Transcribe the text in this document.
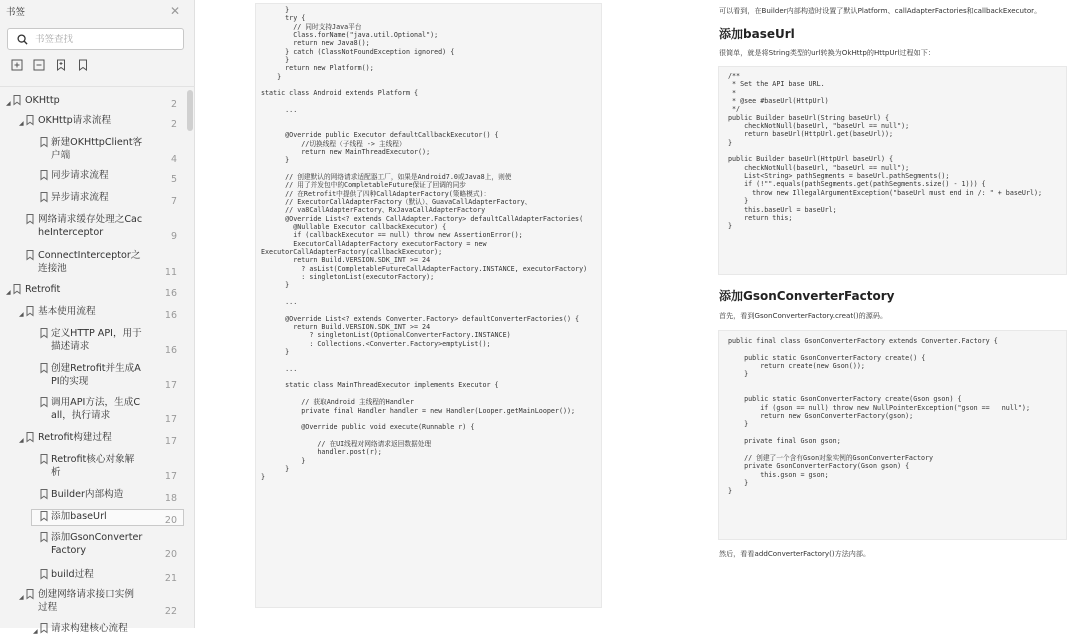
书签	✕
书签查找
◢ OKHttp	2
◢ OKHttp请求流程	2
新建OKHttpClient客
户端	4
同步请求流程	5
异步请求流程	7
网络请求缓存处理之Cac
heInterceptor	9
ConnectInterceptor之
连接池	11
◢ Retrofit	16
◢ 基本使用流程	16
定义HTTP API，用于
描述请求	16
创建Retrofit并生成A
PI的实现	17
调用API方法，生成C
all，执行请求	17
◢ Retrofit构建过程	17
Retrofit核心对象解
析	17
Builder内部构造	18
添加baseUrl	20
添加GsonConverter
Factory	20
build过程	21
◢ 创建网络请求接口实例
过程	22
◢ 请求构建核心流程
}
try {
// 同时支持Java平台
Class.forName("java.util.Optional");
return new Java8();
} catch (ClassNotFoundException ignored) {
}
return new Platform();
}

static class Android extends Platform {

...

@Override public Executor defaultCallbackExecutor() {
//切换线程（子线程 -> 主线程）
return new MainThreadExecutor();
}

// 创建默认的网络请求适配器工厂，如果是Android7.0或Java8上，则使
// 用了并发包中的CompletableFuture保证了回调的同步
// 在Retrofit中提供了四种CallAdapterFactory(策略模式)：
// ExecutorCallAdapterFactory（默认）、GuavaCallAdapterFactory、
// va8CallAdapterFactory、RxJavaCallAdapterFactory
@Override List<? extends CallAdapter.Factory> defaultCallAdapterFactories(
@Nullable Executor callbackExecutor) {
if (callbackExecutor == null) throw new AssertionError();
ExecutorCallAdapterFactory executorFactory = new
ExecutorCallAdapterFactory(callbackExecutor);
return Build.VERSION.SDK_INT >= 24
? asList(CompletableFutureCallAdapterFactory.INSTANCE, executorFactory)
: singletonList(executorFactory);
}

...

@Override List<? extends Converter.Factory> defaultConverterFactories() {
return Build.VERSION.SDK_INT >= 24
? singletonList(OptionalConverterFactory.INSTANCE)
: Collections.<Converter.Factory>emptyList();
}

...

static class MainThreadExecutor implements Executor {

// 获取Android 主线程的Handler
private final Handler handler = new Handler(Looper.getMainLooper());

@Override public void execute(Runnable r) {

// 在UI线程对网络请求返回数据处理
handler.post(r);
}
}
}
可以看到，在Builder内部构造时设置了默认Platform、callAdapterFactories和callbackExecutor。
添加baseUrl
很简单，就是将String类型的url转换为OkHttp的HttpUrl过程如下：
/**
* Set the API base URL.
*
* @see #baseUrl(HttpUrl)
*/
public Builder baseUrl(String baseUrl) {
checkNotNull(baseUrl, "baseUrl == null");
return baseUrl(HttpUrl.get(baseUrl));
}

public Builder baseUrl(HttpUrl baseUrl) {
checkNotNull(baseUrl, "baseUrl == null");
List<String> pathSegments = baseUrl.pathSegments();
if (!"".equals(pathSegments.get(pathSegments.size() - 1))) {
throw new IllegalArgumentException("baseUrl must end in /: " + baseUrl);
}
this.baseUrl = baseUrl;
return this;
}
添加GsonConverterFactory
首先，看到GsonConverterFactory.creat()的源码。
public final class GsonConverterFactory extends Converter.Factory {

public static GsonConverterFactory create() {
return create(new Gson());
}

public static GsonConverterFactory create(Gson gson) {
if (gson == null) throw new NullPointerException("gson ==   null");
return new GsonConverterFactory(gson);
}

private final Gson gson;

// 创建了一个含有Gson对象实例的GsonConverterFactory
private GsonConverterFactory(Gson gson) {
this.gson = gson;
}
}
然后，看看addConverterFactory()方法内部。
